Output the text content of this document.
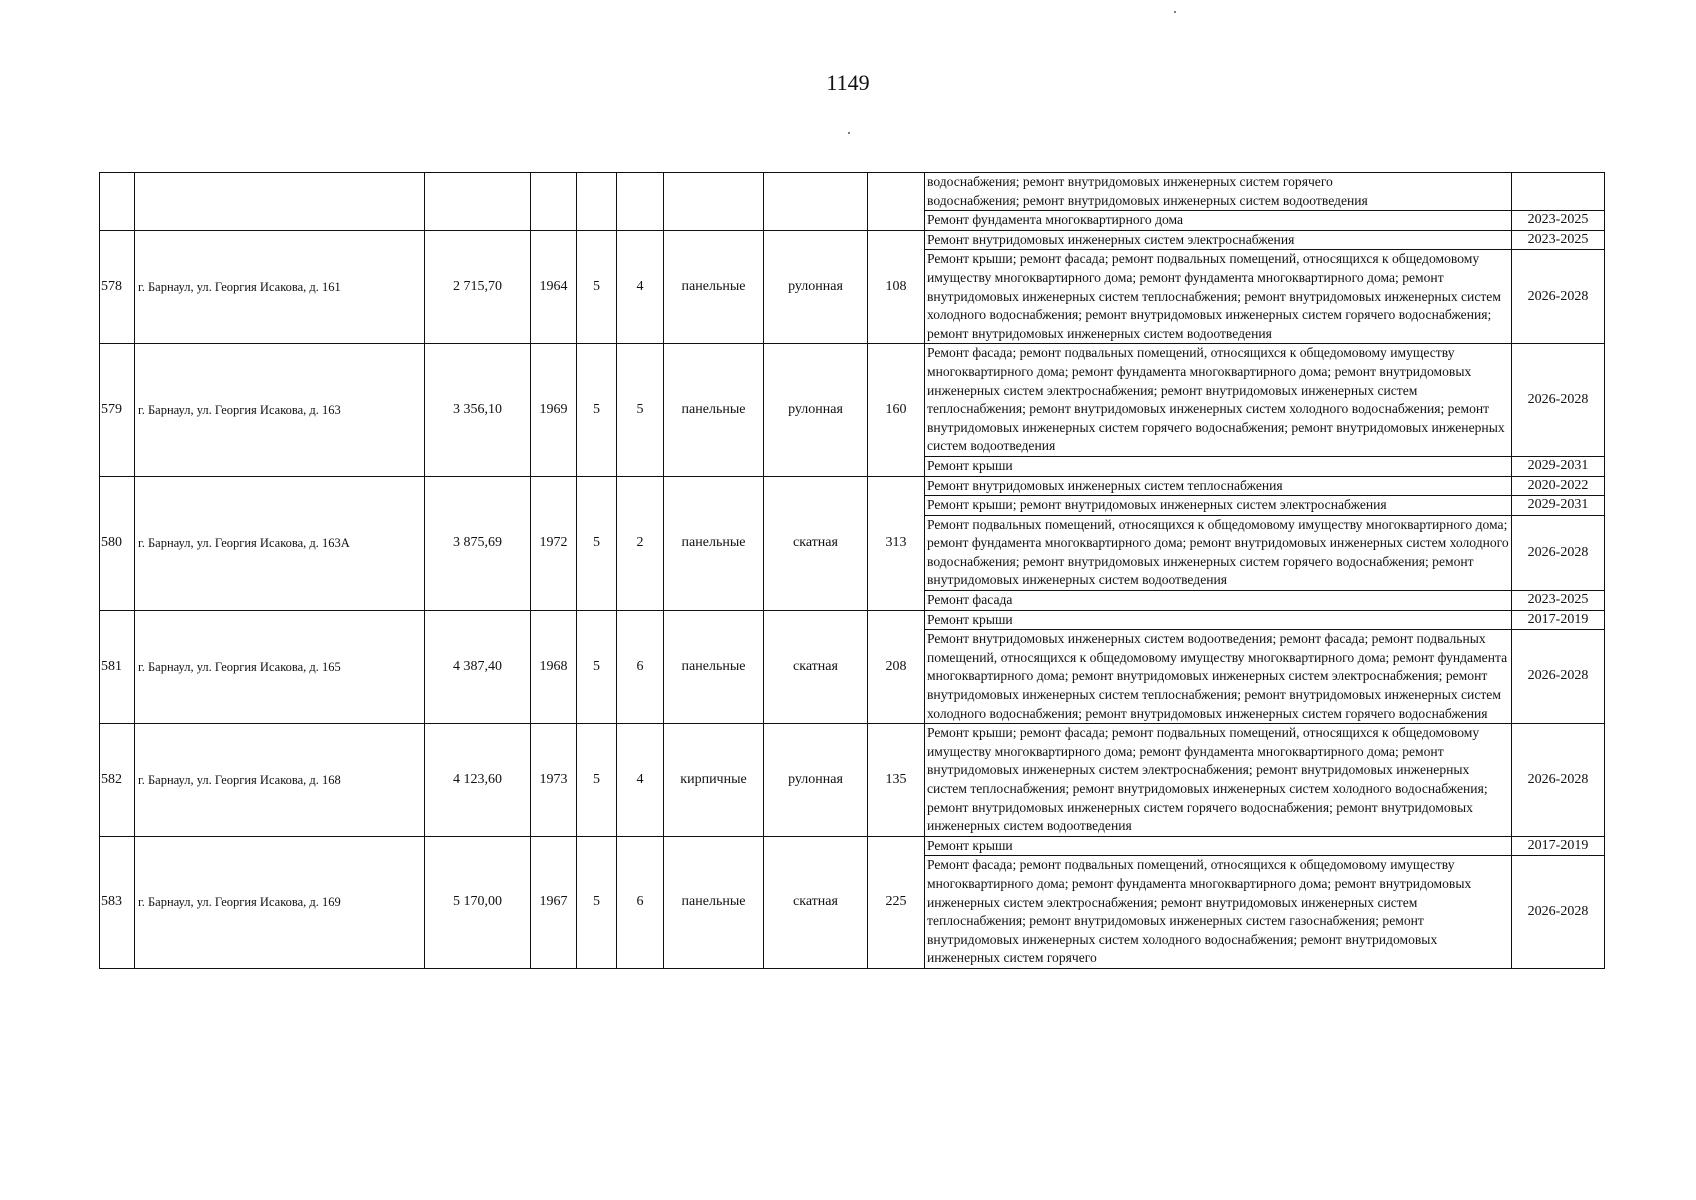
1149

									водоснабжения; ремонт внутридомовых инженерных систем горячего
водоснабжения; ремонт внутридомовых инженерных систем водоотведения	

									Ремонт фундамента многоквартирного дома	2023-2025
578	г. Барнаул, ул. Георгия Исакова, д. 161	2 715,70	1964	5	4	панельные	рулонная	108	Ремонт внутридомовых инженерных систем электроснабжения	2023-2025
									Ремонт крыши; ремонт фасада; ремонт подвальных помещений, относящихся к общедомовому имуществу многоквартирного дома; ремонт фундамента многоквартирного дома; ремонт внутридомовых инженерных систем теплоснабжения; ремонт внутридомовых инженерных систем холодного водоснабжения; ремонт внутридомовых инженерных систем горячего водоснабжения; ремонт внутридомовых инженерных систем водоотведения	2026-2028
579	г. Барнаул, ул. Георгия Исакова, д. 163	3 356,10	1969	5	5	панельные	рулонная	160	Ремонт фасада; ремонт подвальных помещений, относящихся к общедомовому имуществу многоквартирного дома; ремонт фундамента многоквартирного дома; ремонт внутридомовых инженерных систем электроснабжения; ремонт внутридомовых инженерных систем теплоснабжения; ремонт внутридомовых инженерных систем холодного водоснабжения; ремонт внутридомовых инженерных систем горячего водоснабжения; ремонт внутридомовых инженерных систем водоотведения	2026-2028
									Ремонт крыши	2029-2031
580	г. Барнаул, ул. Георгия Исакова, д. 163А	3 875,69	1972	5	2	панельные	скатная	313	Ремонт внутридомовых инженерных систем теплоснабжения	2020-2022
									Ремонт крыши; ремонт внутридомовых инженерных систем электроснабжения	2029-2031
									Ремонт подвальных помещений, относящихся к общедомовому имуществу многоквартирного дома; ремонт фундамента многоквартирного дома; ремонт внутридомовых инженерных систем холодного водоснабжения; ремонт внутридомовых инженерных систем горячего водоснабжения; ремонт внутридомовых инженерных систем водоотведения	2026-2028
									Ремонт фасада	2023-2025
581	г. Барнаул, ул. Георгия Исакова, д. 165	4 387,40	1968	5	6	панельные	скатная	208	Ремонт крыши	2017-2019
									Ремонт внутридомовых инженерных систем водоотведения; ремонт фасада; ремонт подвальных помещений, относящихся к общедомовому имуществу многоквартирного дома; ремонт фундамента многоквартирного дома; ремонт внутридомовых инженерных систем электроснабжения; ремонт внутридомовых инженерных систем теплоснабжения; ремонт внутридомовых инженерных систем холодного водоснабжения; ремонт внутридомовых инженерных систем горячего водоснабжения	2026-2028
582	г. Барнаул, ул. Георгия Исакова, д. 168	4 123,60	1973	5	4	кирпичные	рулонная	135	Ремонт крыши; ремонт фасада; ремонт подвальных помещений, относящихся к общедомовому имуществу многоквартирного дома; ремонт фундамента многоквартирного дома; ремонт внутридомовых инженерных систем электроснабжения; ремонт внутридомовых инженерных систем теплоснабжения; ремонт внутридомовых инженерных систем холодного водоснабжения; ремонт внутридомовых инженерных систем горячего водоснабжения; ремонт внутридомовых инженерных систем водоотведения	2026-2028
583	г. Барнаул, ул. Георгия Исакова, д. 169	5 170,00	1967	5	6	панельные	скатная	225	Ремонт крыши	2017-2019
									Ремонт фасада; ремонт подвальных помещений, относящихся к общедомовому имуществу многоквартирного дома; ремонт фундамента многоквартирного дома; ремонт внутридомовых инженерных систем электроснабжения; ремонт внутридомовых инженерных систем теплоснабжения; ремонт внутридомовых инженерных систем газоснабжения; ремонт внутридомовых инженерных систем холодного водоснабжения; ремонт внутридомовых инженерных систем горячего	2026-2028
